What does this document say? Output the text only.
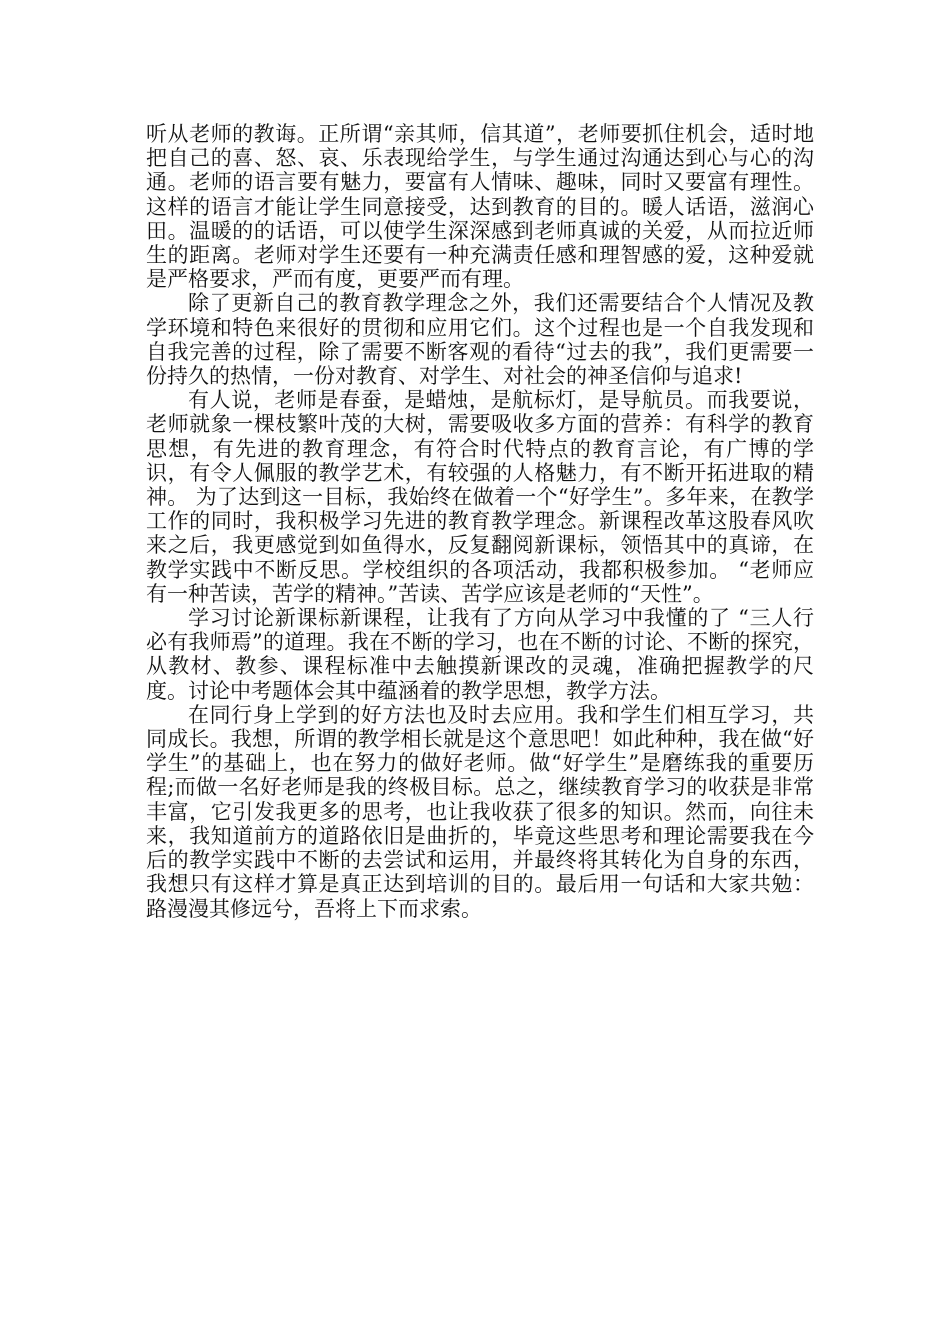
听从老师的教诲。正所谓“亲其师，信其道”，老师要抓住机会，适时地把自己的喜、怒、哀、乐表现给学生，与学生通过沟通达到心与心的沟通。老师的语言要有魅力，要富有人情味、趣味，同时又要富有理性。这样的语言才能让学生同意接受，达到教育的目的。暖人话语，滋润心田。温暖的的话语，可以使学生深深感到老师真诚的关爱，从而拉近师生的距离。老师对学生还要有一种充满责任感和理智感的爱，这种爱就是严格要求，严而有度，更要严而有理。

除了更新自己的教育教学理念之外，我们还需要结合个人情况及教学环境和特色来很好的贯彻和应用它们。这个过程也是一个自我发现和自我完善的过程，除了需要不断客观的看待“过去的我”，我们更需要一份持久的热情，一份对教育、对学生、对社会的神圣信仰与追求!

有人说，老师是春蚕，是蜡烛，是航标灯，是导航员。而我要说，老师就象一棵枝繁叶茂的大树，需要吸收多方面的营养：有科学的教育思想，有先进的教育理念，有符合时代特点的教育言论，有广博的学识，有令人佩服的教学艺术，有较强的人格魅力，有不断开拓进取的精神。 为了达到这一目标，我始终在做着一个“好学生”。多年来，在教学工作的同时，我积极学习先进的教育教学理念。新课程改革这股春风吹来之后，我更感觉到如鱼得水，反复翻阅新课标，领悟其中的真谛，在教学实践中不断反思。学校组织的各项活动，我都积极参加。 “老师应有一种苦读，苦学的精神。”苦读、苦学应该是老师的“天性”。

学习讨论新课标新课程，让我有了方向从学习中我懂的了 “三人行必有我师焉”的道理。我在不断的学习，也在不断的讨论、不断的探究，从教材、教参、课程标准中去触摸新课改的灵魂，准确把握教学的尺度。讨论中考题体会其中蕴涵着的教学思想，教学方法。

在同行身上学到的好方法也及时去应用。我和学生们相互学习，共同成长。我想，所谓的教学相长就是这个意思吧！如此种种，我在做“好学生”的基础上，也在努力的做好老师。做“好学生”是磨练我的重要历程;而做一名好老师是我的终极目标。总之，继续教育学习的收获是非常丰富，它引发我更多的思考，也让我收获了很多的知识。然而，向往未来，我知道前方的道路依旧是曲折的，毕竟这些思考和理论需要我在今后的教学实践中不断的去尝试和运用，并最终将其转化为自身的东西，我想只有这样才算是真正达到培训的目的。最后用一句话和大家共勉：路漫漫其修远兮，吾将上下而求索。
